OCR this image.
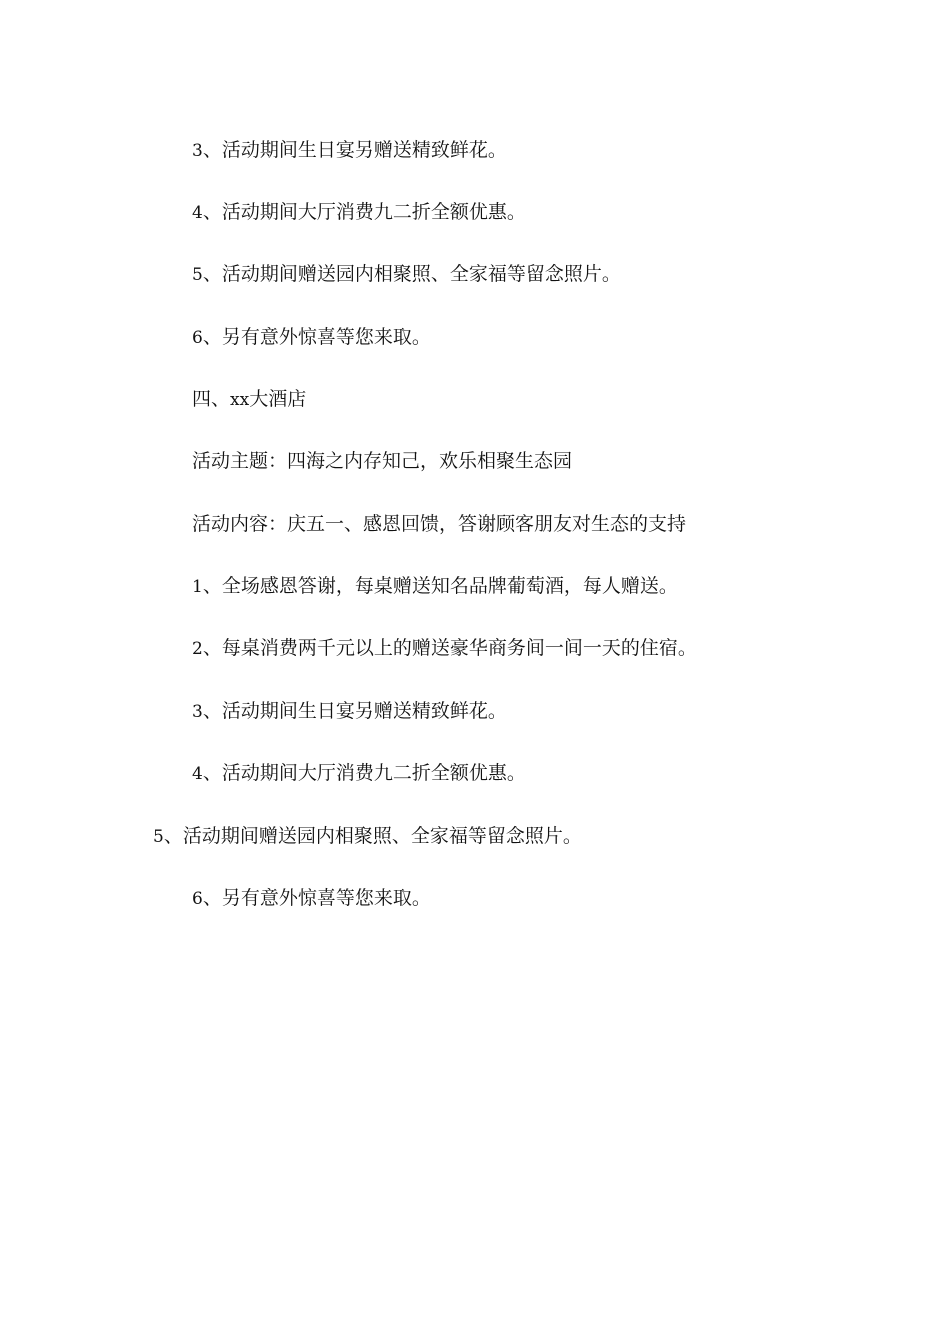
3、活动期间生日宴另赠送精致鲜花。

4、活动期间大厅消费九二折全额优惠。

5、活动期间赠送园内相聚照、全家福等留念照片。

6、另有意外惊喜等您来取。

四、xx大酒店

活动主题：四海之内存知己，欢乐相聚生态园

活动内容：庆五一、感恩回馈，答谢顾客朋友对生态的支持

1、全场感恩答谢，每桌赠送知名品牌葡萄酒，每人赠送。

2、每桌消费两千元以上的赠送豪华商务间一间一天的住宿。

3、活动期间生日宴另赠送精致鲜花。

4、活动期间大厅消费九二折全额优惠。

5、活动期间赠送园内相聚照、全家福等留念照片。

6、另有意外惊喜等您来取。
